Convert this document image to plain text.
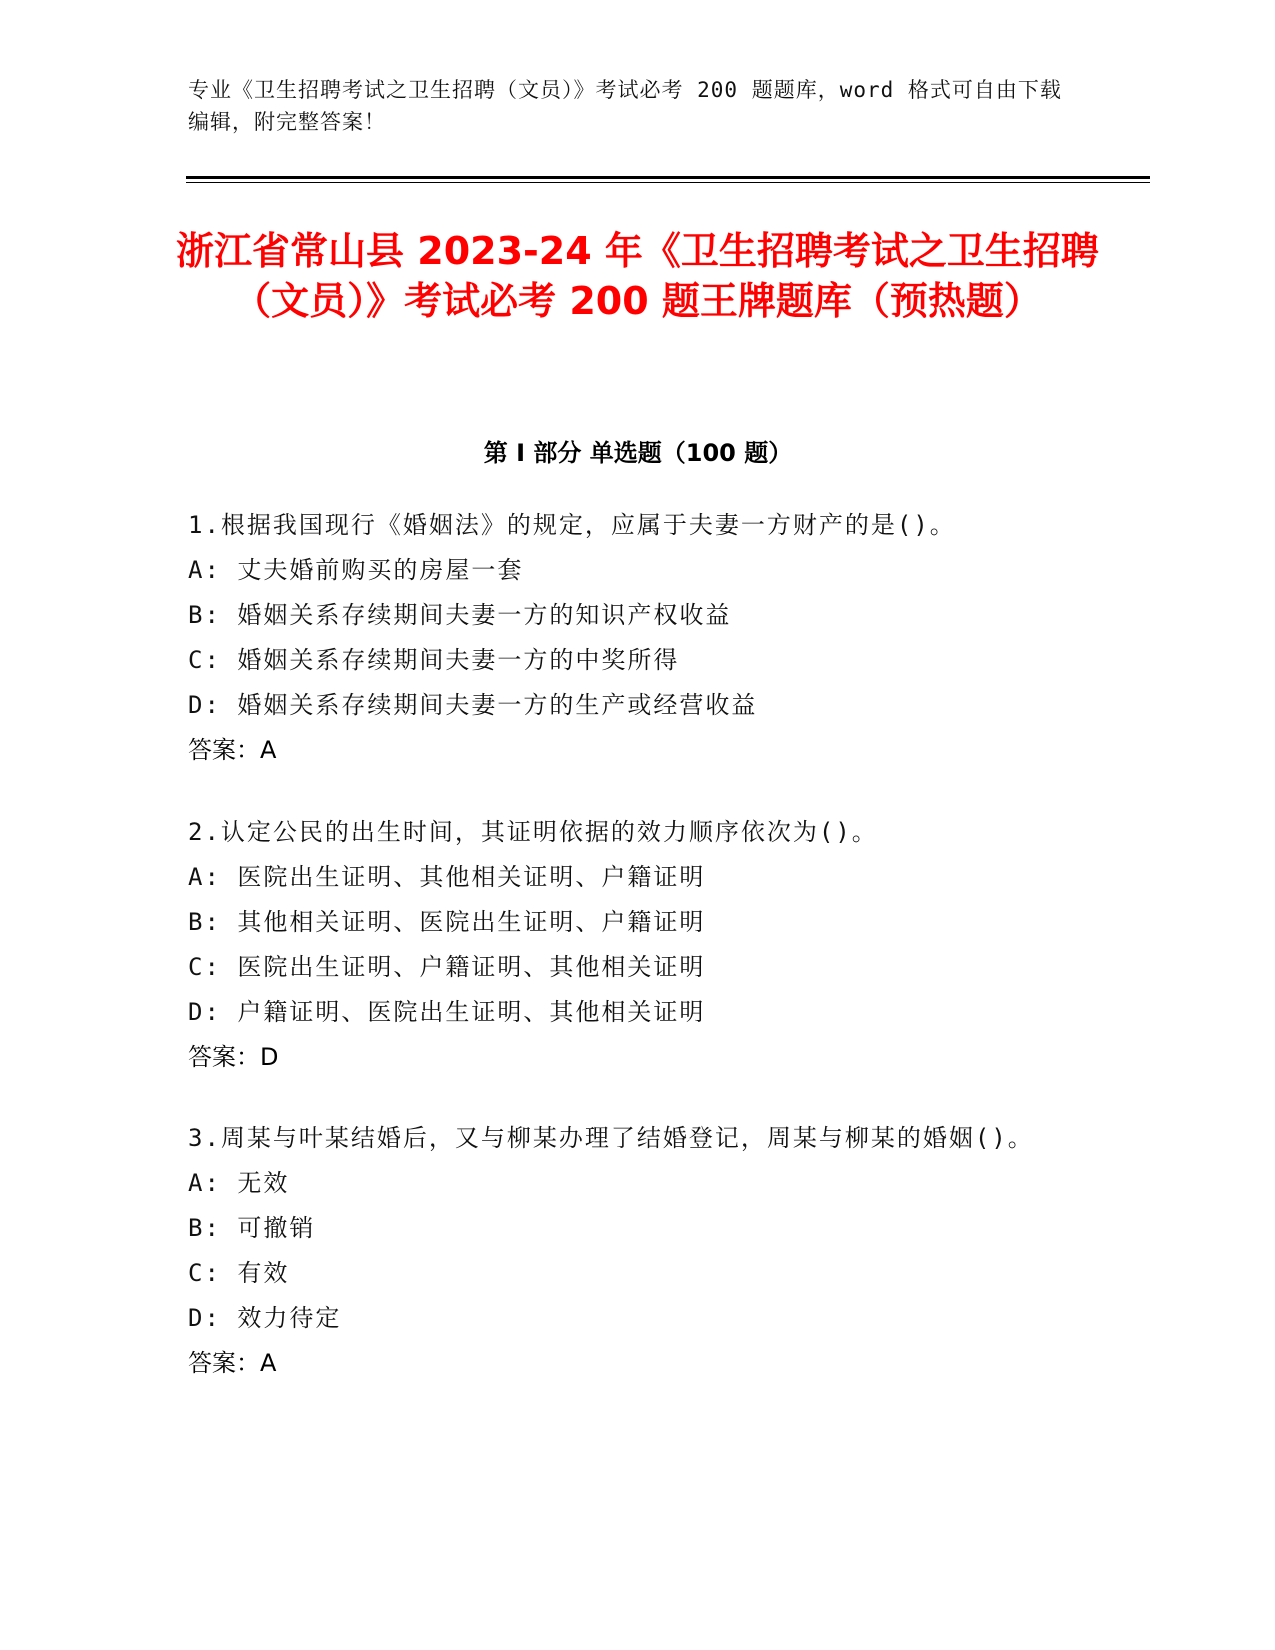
专业《卫生招聘考试之卫生招聘（文员）》考试必考 200 题题库，word 格式可自由下载编辑，附完整答案！
浙江省常山县 2023-24 年《卫生招聘考试之卫生招聘（文员）》考试必考 200 题王牌题库（预热题）
第 I 部分 单选题（100 题）

1.根据我国现行《婚姻法》的规定，应属于夫妻一方财产的是()。

A: 丈夫婚前购买的房屋一套

B: 婚姻关系存续期间夫妻一方的知识产权收益

C: 婚姻关系存续期间夫妻一方的中奖所得

D: 婚姻关系存续期间夫妻一方的生产或经营收益

答案：A

2.认定公民的出生时间，其证明依据的效力顺序依次为()。

A: 医院出生证明、其他相关证明、户籍证明

B: 其他相关证明、医院出生证明、户籍证明

C: 医院出生证明、户籍证明、其他相关证明

D: 户籍证明、医院出生证明、其他相关证明

答案：D

3.周某与叶某结婚后，又与柳某办理了结婚登记，周某与柳某的婚姻()。

A: 无效

B: 可撤销

C: 有效

D: 效力待定

答案：A
